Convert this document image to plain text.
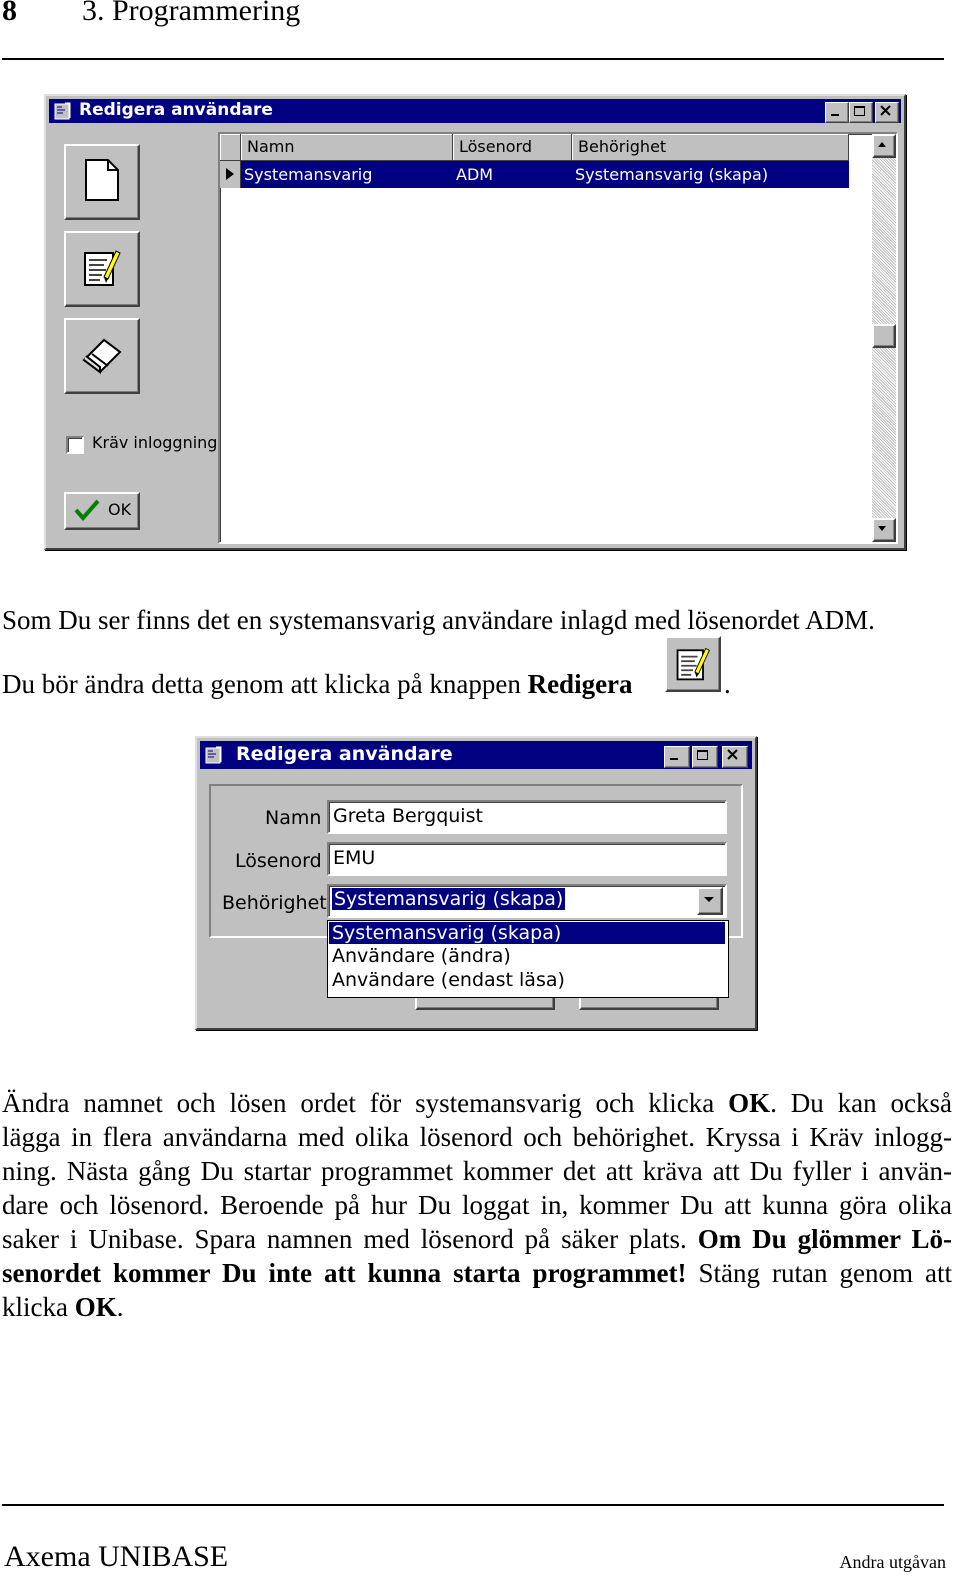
8 3. Programmering
Redigera användare
Kräv inloggning
OK
Namn	Lösenord	Behörighet
Systemansvarig	ADM	Systemansvarig (skapa)
Som Du ser finns det en systemansvarig användare inlagd med lösenordet ADM.
Du bör ändra detta genom att klicka på knappen Redigera	.
Redigera användare
Namn Greta Bergquist
Lösenord EMU
Behörighet Systemansvarig (skapa)
Systemansvarig (skapa)
Användare (ändra)
Användare (endast läsa)
Ändra namnet och lösen ordet för systemansvarig och klicka OK. Du kan också
lägga in flera användarna med olika lösenord och behörighet. Kryssa i Kräv inlogg-
ning. Nästa gång Du startar programmet kommer det att kräva att Du fyller i använ-
dare och lösenord. Beroende på hur Du loggat in, kommer Du att kunna göra olika
saker i Unibase. Spara namnen med lösenord på säker plats. Om Du glömmer Lö-
senordet kommer Du inte att kunna starta programmet! Stäng rutan genom att
klicka OK.
Axema UNIBASE	Andra utgåvan
